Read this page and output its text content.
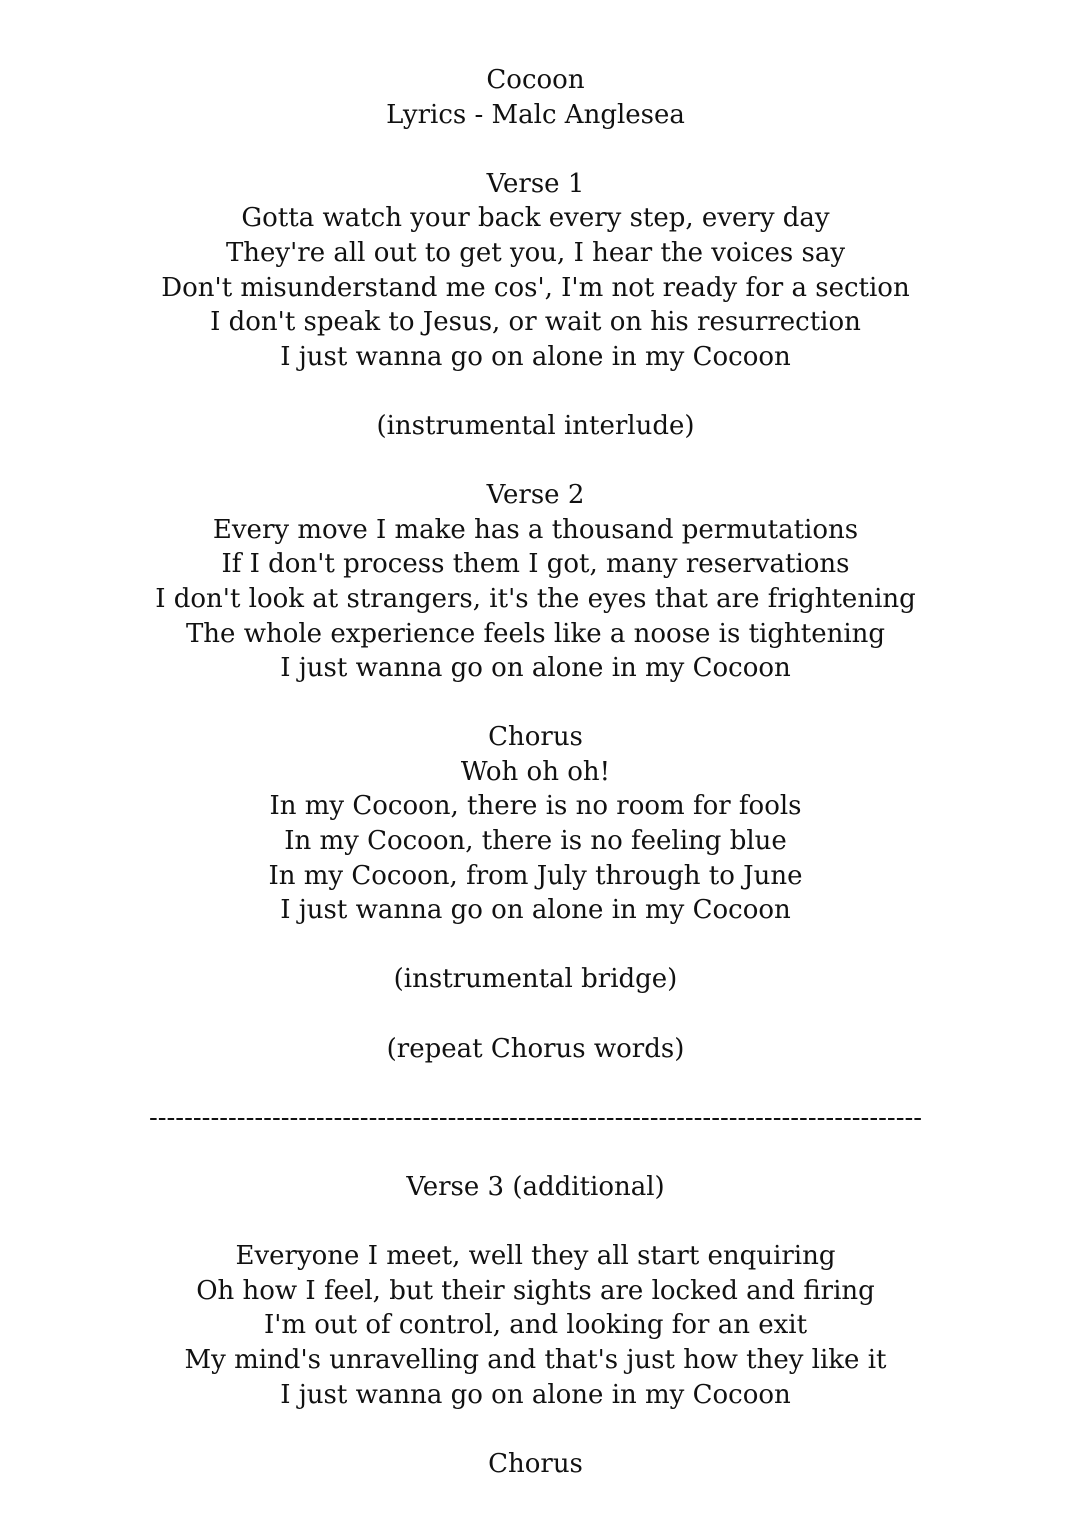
Cocoon
Lyrics - Malc Anglesea
Verse 1
Gotta watch your back every step, every day
They're all out to get you, I hear the voices say
Don't misunderstand me cos', I'm not ready for a section
I don't speak to Jesus, or wait on his resurrection
I just wanna go on alone in my Cocoon
(instrumental interlude)
Verse 2
Every move I make has a thousand permutations
If I don't process them I got, many reservations
I don't look at strangers, it's the eyes that are frightening
The whole experience feels like a noose is tightening
I just wanna go on alone in my Cocoon
Chorus
Woh oh oh!
In my Cocoon, there is no room for fools
In my Cocoon, there is no feeling blue
In my Cocoon, from July through to June
I just wanna go on alone in my Cocoon
(instrumental bridge)
(repeat Chorus words)
----------------------------------------------------------------------------------------
Verse 3 (additional)
Everyone I meet, well they all start enquiring
Oh how I feel, but their sights are locked and firing
I'm out of control, and looking for an exit
My mind's unravelling and that's just how they like it
I just wanna go on alone in my Cocoon
Chorus
